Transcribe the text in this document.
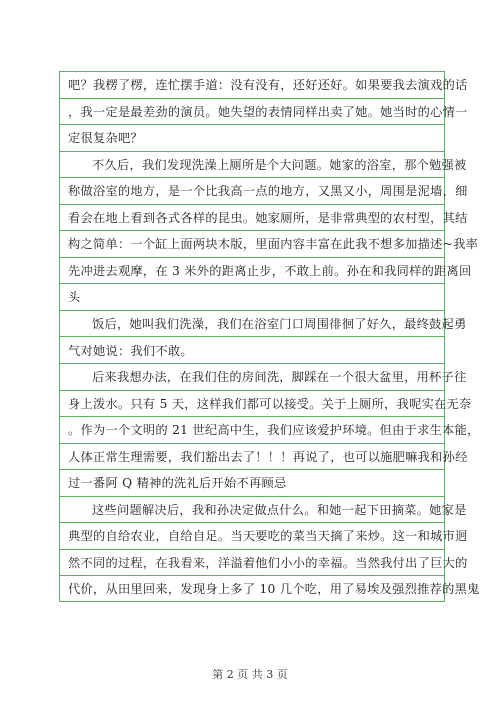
吧？我楞了楞，连忙摆手道：没有没有，还好还好。如果要我去演戏的话
，我一定是最差劲的演员。她失望的表情同样出卖了她。她当时的心情一
定很复杂吧？
不久后，我们发现洗澡上厕所是个大问题。她家的浴室，那个勉强被
称做浴室的地方，是一个比我高一点的地方，又黑又小，周围是泥墙，细
看会在地上看到各式各样的昆虫。她家厕所，是非常典型的农村型，其结
构之简单：一个缸上面两块木版，里面内容丰富在此我不想多加描述~我率
先冲进去观摩，在 3 米外的距离止步，不敢上前。孙在和我同样的距离回
头
饭后，她叫我们洗澡，我们在浴室门口周围徘徊了好久，最终鼓起勇
气对她说：我们不敢。
后来我想办法，在我们住的房间洗，脚踩在一个很大盆里，用杯子往
身上泼水。只有 5 天，这样我们都可以接受。关于上厕所，我呢实在无奈
。作为一个文明的 21 世纪高中生，我们应该爱护环境。但由于求生本能，
人体正常生理需要，我们豁出去了！！！再说了，也可以施肥嘛我和孙经
过一番阿 Q 精神的洗礼后开始不再顾忌
这些问题解决后，我和孙决定做点什么。和她一起下田摘菜。她家是
典型的自给农业，自给自足。当天要吃的菜当天摘了来炒。这一和城市迥
然不同的过程，在我看来，洋溢着他们小小的幸福。当然我付出了巨大的
代价，从田里回来，发现身上多了 10 几个吃，用了易埃及强烈推荐的黑鬼
第 2 页 共 3 页
